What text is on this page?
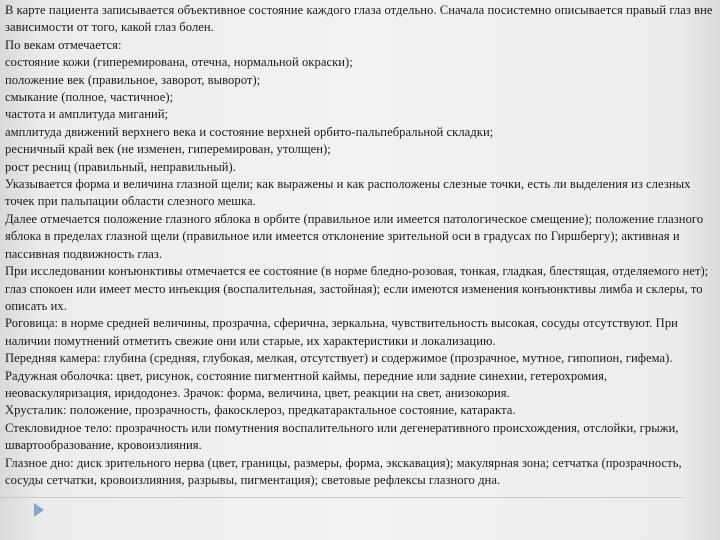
В карте пациента записывается объективное состояние каждого глаза отдельно. Сначала посистемно описывается правый глаз вне зависимости от того, какой глаз болен.

По векам отмечается:

состояние кожи (гиперемирована, отечна, нормальной окраски);

положение век (правильное, заворот, выворот);

смыкание (полное, частичное);

частота и амплитуда миганий;

амплитуда движений верхнего века и состояние верхней орбито-пальпебральной складки;

ресничный край век (не изменен, гиперемирован, утолщен);

рост ресниц (правильный, неправильный).

Указывается форма и величина глазной щели; как выражены и как расположены слезные точки, есть ли выделения из слезных точек при пальпации области слезного мешка.

Далее отмечается положение глазного яблока в орбите (правильное или имеется патологическое смещение); положение глазного яблока в пределах глазной щели (правильное или имеется отклонение зрительной оси в градусах по Гиршбергу); активная и пассивная подвижность глаз.

При исследовании конъюнктивы отмечается ее состояние (в норме бледно-розовая, тонкая, гладкая, блестящая, отделяемого нет); глаз спокоен или имеет место инъекция (воспалительная, застойная); если имеются изменения конъюнктивы лимба и склеры, то описать их.

Роговица: в норме средней величины, прозрачна, сферична, зеркальна, чувствительность высокая, сосуды отсутствуют. При наличии помутнений отметить свежие они или старые, их характеристики и локализацию.

Передняя камера: глубина (средняя, глубокая, мелкая, отсутствует) и содержимое (прозрачное, мутное, гипопион, гифема).

Радужная оболочка: цвет, рисунок, состояние пигментной каймы, передние или задние синехии, гетерохромия, неоваскуляризация, иридодонез. Зрачок: форма, величина, цвет, реакции на свет, анизокория.

Хрусталик: положение, прозрачность, факосклероз, предкатарактальное состояние, катаракта.

Стекловидное тело: прозрачность или помутнения воспалительного или дегенеративного происхождения, отслойки, грыжи, швартообразование, кровоизлияния.

Глазное дно: диск зрительного нерва (цвет, границы, размеры, форма, экскавация); макулярная зона; сетчатка (прозрачность, сосуды сетчатки, кровоизлияния, разрывы, пигментация); световые рефлексы глазного дна.
